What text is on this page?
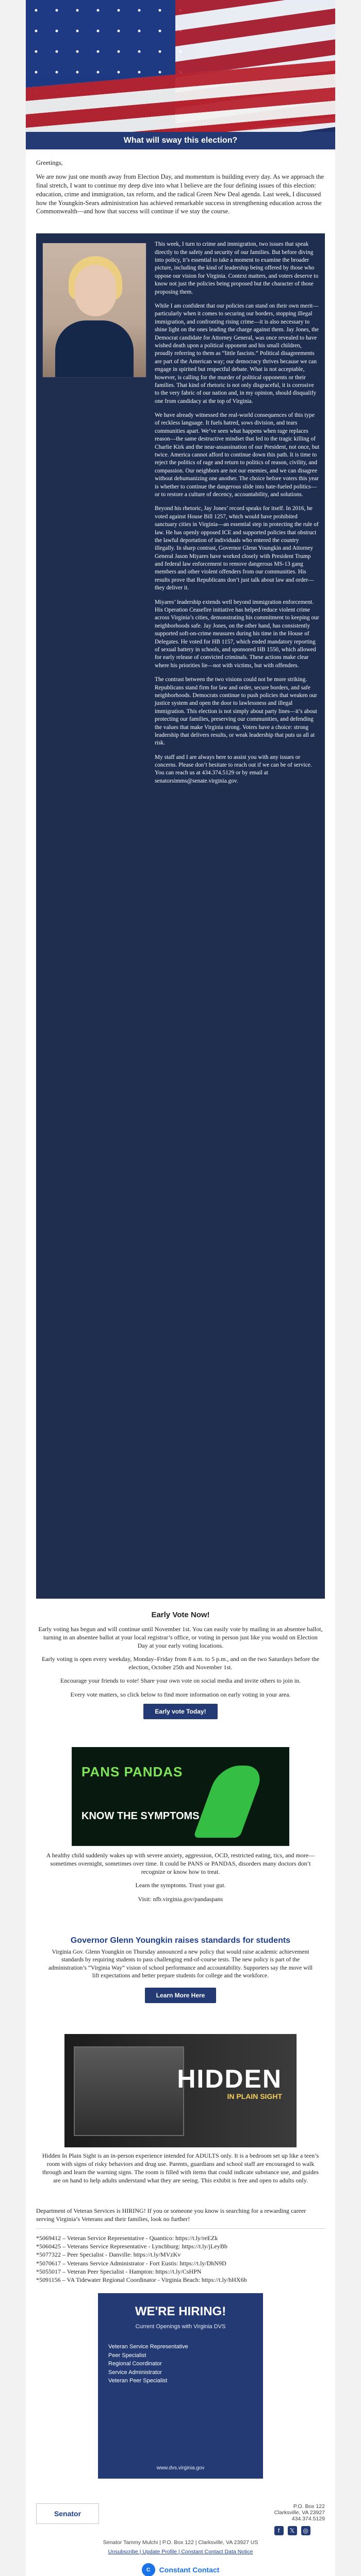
What will sway this election?

Greetings,

We are now just one month away from Election Day, and momentum is building every day. As we approach the final stretch, I want to continue my deep dive into what I believe are the four defining issues of this election: education, crime and immigration, tax reform, and the radical Green New Deal agenda. Last week, I discussed how the Youngkin-Sears administration has achieved remarkable success in strengthening education across the Commonwealth—and how that success will continue if we stay the course.

This week, I turn to crime and immigration, two issues that speak directly to the safety and security of our families. But before diving into policy, it’s essential to take a moment to examine the broader picture, including the kind of leadership being offered by those who oppose our vision for Virginia. Context matters, and voters deserve to know not just the policies being proposed but the character of those proposing them.

While I am confident that our policies can stand on their own merit—particularly when it comes to securing our borders, stopping illegal immigration, and confronting rising crime—it is also necessary to shine light on the ones leading the charge against them. Jay Jones, the Democrat candidate for Attorney General, was once revealed to have wished death upon a political opponent and his small children, proudly referring to them as “little fascists.” Political disagreements are part of the American way; our democracy thrives because we can engage in spirited but respectful debate. What is not acceptable, however, is calling for the murder of political opponents or their families. That kind of rhetoric is not only disgraceful, it is corrosive to the very fabric of our nation and, in my opinion, should disqualify one from candidacy at the top of Virginia.

We have already witnessed the real-world consequences of this type of reckless language. It fuels hatred, sows division, and tears communities apart. We’ve seen what happens when rage replaces reason—the same destructive mindset that led to the tragic killing of Charlie Kirk and the near-assassination of our President, not once, but twice. America cannot afford to continue down this path. It is time to reject the politics of rage and return to politics of reason, civility, and compassion. Our neighbors are not our enemies, and we can disagree without dehumanizing one another. The choice before voters this year is whether to continue the dangerous slide into hate-fueled politics—or to restore a culture of decency, accountability, and solutions.

Beyond his rhetoric, Jay Jones’ record speaks for itself. In 2016, he voted against House Bill 1257, which would have prohibited sanctuary cities in Virginia—an essential step in protecting the rule of law. He has openly opposed ICE and supported policies that obstruct the lawful deportation of individuals who entered the country illegally. In sharp contrast, Governor Glenn Youngkin and Attorney General Jason Miyares have worked closely with President Trump and federal law enforcement to remove dangerous MS-13 gang members and other violent offenders from our communities. His results prove that Republicans don’t just talk about law and order—they deliver it.

Miyares’ leadership extends well beyond immigration enforcement. His Operation Ceasefire initiative has helped reduce violent crime across Virginia’s cities, demonstrating his commitment to keeping our neighborhoods safe. Jay Jones, on the other hand, has consistently supported soft-on-crime measures during his time in the House of Delegates. He voted for HB 1157, which ended mandatory reporting of sexual battery in schools, and sponsored HB 1550, which allowed for early release of convicted criminals. These actions make clear where his priorities lie—not with victims, but with offenders.

The contrast between the two visions could not be more striking. Republicans stand firm for law and order, secure borders, and safe neighborhoods. Democrats continue to push policies that weaken our justice system and open the door to lawlessness and illegal immigration. This election is not simply about party lines—it’s about protecting our families, preserving our communities, and defending the values that make Virginia strong. Voters have a choice: strong leadership that delivers results, or weak leadership that puts us all at risk.

My staff and I are always here to assist you with any issues or concerns. Please don’t hesitate to reach out if we can be of service. You can reach us at 434.374.5129 or by email at senatorsimms@senate.virginia.gov.

Early Vote Now!

Early voting has begun and will continue until November 1st. You can easily vote by mailing in an absentee ballot, turning in an absentee ballot at your local registrar’s office, or voting in person just like you would on Election Day at your early voting locations.

Early voting is open every weekday, Monday–Friday from 8 a.m. to 5 p.m., and on the two Saturdays before the election, October 25th and November 1st.

Encourage your friends to vote! Share your own vote on social media and invite others to join in.

Every vote matters, so click below to find more information on early voting in your area.

Early vote Today!
PANS PANDAS
KNOW THE SYMPTOMS

A healthy child suddenly wakes up with severe anxiety, aggression, OCD, restricted eating, tics, and more—sometimes overnight, sometimes over time. It could be PANS or PANDAS, disorders many doctors don’t recognize or know how to treat.

Learn the symptoms. Trust your gut.

Visit: nfb.virginia.gov/pandaspans

Governor Glenn Youngkin raises standards for students

Virginia Gov. Glenn Youngkin on Thursday announced a new policy that would raise academic achievement standards by requiring students to pass challenging end-of-course tests. The new policy is part of the administration’s “Virginia Way” vision of school performance and accountability. Supporters say the move will lift expectations and better prepare students for college and the workforce.

Learn More Here
HIDDEN
IN PLAIN SIGHT

Hidden In Plain Sight is an in-person experience intended for ADULTS only. It is a bedroom set up like a teen’s room with signs of risky behaviors and drug use. Parents, guardians and school staff are encouraged to walk through and learn the warning signs. The room is filled with items that could indicate substance use, and guides are on hand to help adults understand what they are seeing. This exhibit is free and open to adults only.

Department of Veteran Services is HIRING! If you or someone you know is searching for a rewarding career serving Virginia’s Veterans and their families, look no further!

*5069412 – Veteran Service Representative - Quantico: https://t.ly/reEZk

*5060425 – Veterans Service Representative - Lynchburg: https://t.ly/jLeyBb

*5077322 – Peer Specialist - Danville: https://t.ly/MVzKv

*5070617 – Veterans Service Administrator - Fort Eustis: https://t.ly/DhN9D

*5055017 – Veteran Peer Specialist - Hampton: https://t.ly/CsHPN

*5091156 – VA Tidewater Regional Coordinator - Virginia Beach: https://t.ly/hHX6b

WE'RE HIRING!
Current Openings with Virginia DVS
Veteran Service Representative
Peer Specialist
Regional Coordinator
Service Administrator
Veteran Peer Specialist
www.dvs.virginia.gov
Senator
P.O. Box 122
Clarksville, VA 23927
434.374.5129
f	𝕏	◎
Senator Tammy Mulchi | P.O. Box 122 | Clarksville, VA 23927 US
Unsubscribe | Update Profile | Constant Contact Data Notice
C	Constant Contact
